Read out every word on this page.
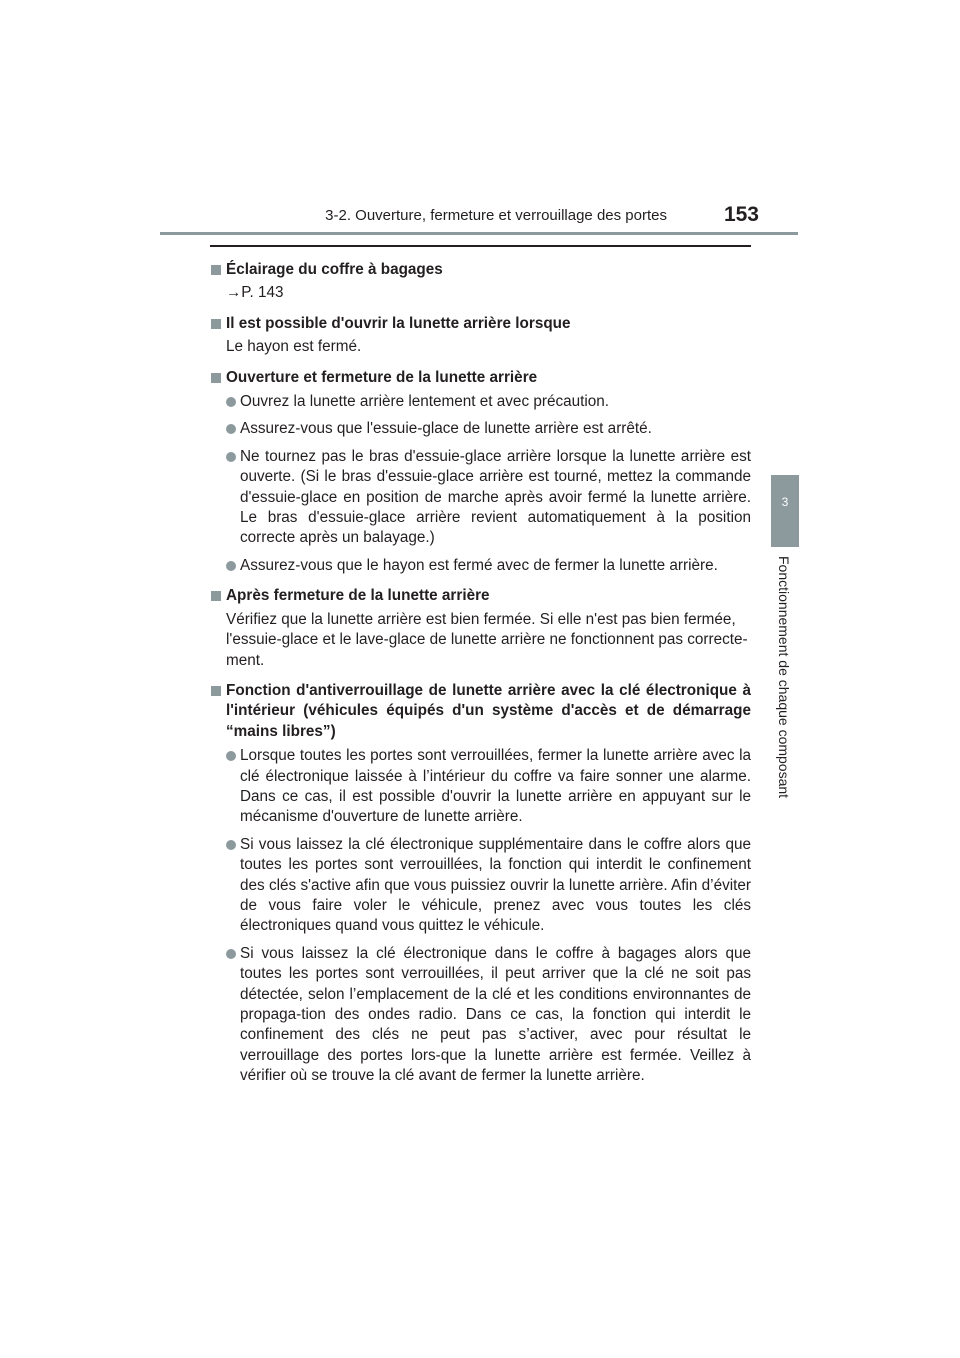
3-2. Ouverture, fermeture et verrouillage des portes	153
3
Fonctionnement de chaque composant
Éclairage du coffre à bagages
→P. 143
Il est possible d'ouvrir la lunette arrière lorsque
Le hayon est fermé.
Ouverture et fermeture de la lunette arrière
Ouvrez la lunette arrière lentement et avec précaution.
Assurez-vous que l'essuie-glace de lunette arrière est arrêté.
Ne tournez pas le bras d'essuie-glace arrière lorsque la lunette arrière est ouverte. (Si le bras d'essuie-glace arrière est tourné, mettez la commande d'essuie-glace en position de marche après avoir fermé la lunette arrière. Le bras d'essuie-glace arrière revient automatiquement à la position correcte après un balayage.)
Assurez-vous que le hayon est fermé avec de fermer la lunette arrière.
Après fermeture de la lunette arrière
Vérifiez que la lunette arrière est bien fermée. Si elle n'est pas bien fermée, l'essuie-glace et le lave-glace de lunette arrière ne fonctionnent pas correcte-ment.
Fonction d'antiverrouillage de lunette arrière avec la clé électronique à l'intérieur (véhicules équipés d'un système d'accès et de démarrage “mains libres”)
Lorsque toutes les portes sont verrouillées, fermer la lunette arrière avec la clé électronique laissée à l’intérieur du coffre va faire sonner une alarme. Dans ce cas, il est possible d'ouvrir la lunette arrière en appuyant sur le mécanisme d'ouverture de lunette arrière.
Si vous laissez la clé électronique supplémentaire dans le coffre alors que toutes les portes sont verrouillées, la fonction qui interdit le confinement des clés s'active afin que vous puissiez ouvrir la lunette arrière. Afin d’éviter de vous faire voler le véhicule, prenez avec vous toutes les clés électroniques quand vous quittez le véhicule.
Si vous laissez la clé électronique dans le coffre à bagages alors que toutes les portes sont verrouillées, il peut arriver que la clé ne soit pas détectée, selon l’emplacement de la clé et les conditions environnantes de propaga-tion des ondes radio. Dans ce cas, la fonction qui interdit le confinement des clés ne peut pas s’activer, avec pour résultat le verrouillage des portes lors-que la lunette arrière est fermée. Veillez à vérifier où se trouve la clé avant de fermer la lunette arrière.
